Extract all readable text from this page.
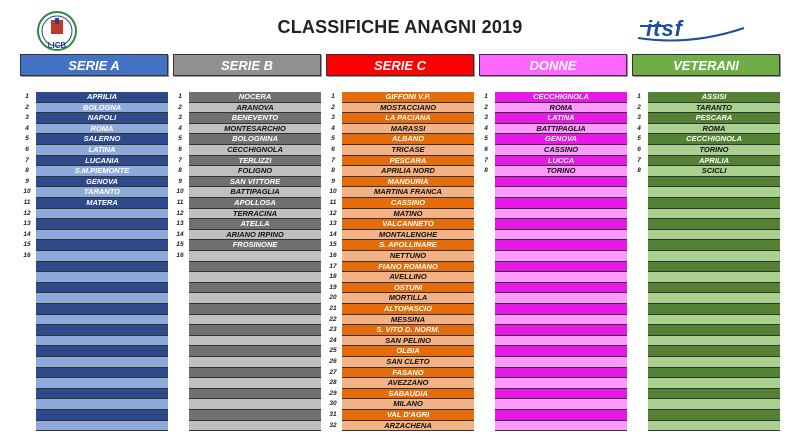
LICB
CLASSIFICHE ANAGNI 2019	itsf
SERIE A
1	APRILIA
2	BOLOGNA
3	NAPOLI
4	ROMA
5	SALERNO
6	LATINA
7	LUCANIA
8	S.M.PIEMONTE
9	GENOVA
10	TARANTO
11	MATERA
12
13
14
15
16
SERIE B
1	NOCERA
2	ARANOVA
3	BENEVENTO
4	MONTESARCHIO
5	BOLOGNINA
6	CECCHIGNOLA
7	TERLIZZI
8	FOLIGNO
9	SAN VITTORE
10	BATTIPAGLIA
11	APOLLOSA
12	TERRACINA
13	ATELLA
14	ARIANO IRPINO
15	FROSINONE
16
SERIE C
1	GIFFONI V.P.
2	MOSTACCIANO
3	LA PACIANA
4	MARASSI
5	ALBANO
6	TRICASE
7	PESCARA
8	APRILIA NORD
9	MANDURIA
10	MARTINA FRANCA
11	CASSINO
12	MATINO
13	VALCANNETO
14	MONTALENGHE
15	S. APOLLINARE
16	NETTUNO
17	FIANO ROMANO
18	AVELLINO
19	OSTUNI
20	MORTILLA
21	ALTOPASCIO
22	MESSINA
23	S. VITO D. NORM.
24	SAN PELINO
25	OLBIA
26	SAN CLETO
27	FASANO
28	AVEZZANO
29	SABAUDIA
30	MILANO
31	VAL D'AGRI
32	ARZACHENA
DONNE
1	CECCHIGNOLA
2	ROMA
3	LATINA
4	BATTIPAGLIA
5	GENOVA
6	CASSINO
7	LUCCA
8	TORINO
VETERANI
1	ASSISI
2	TARANTO
3	PESCARA
4	ROMA
5	CECCHIGNOLA
6	TORINO
7	APRILIA
8	SCICLI
